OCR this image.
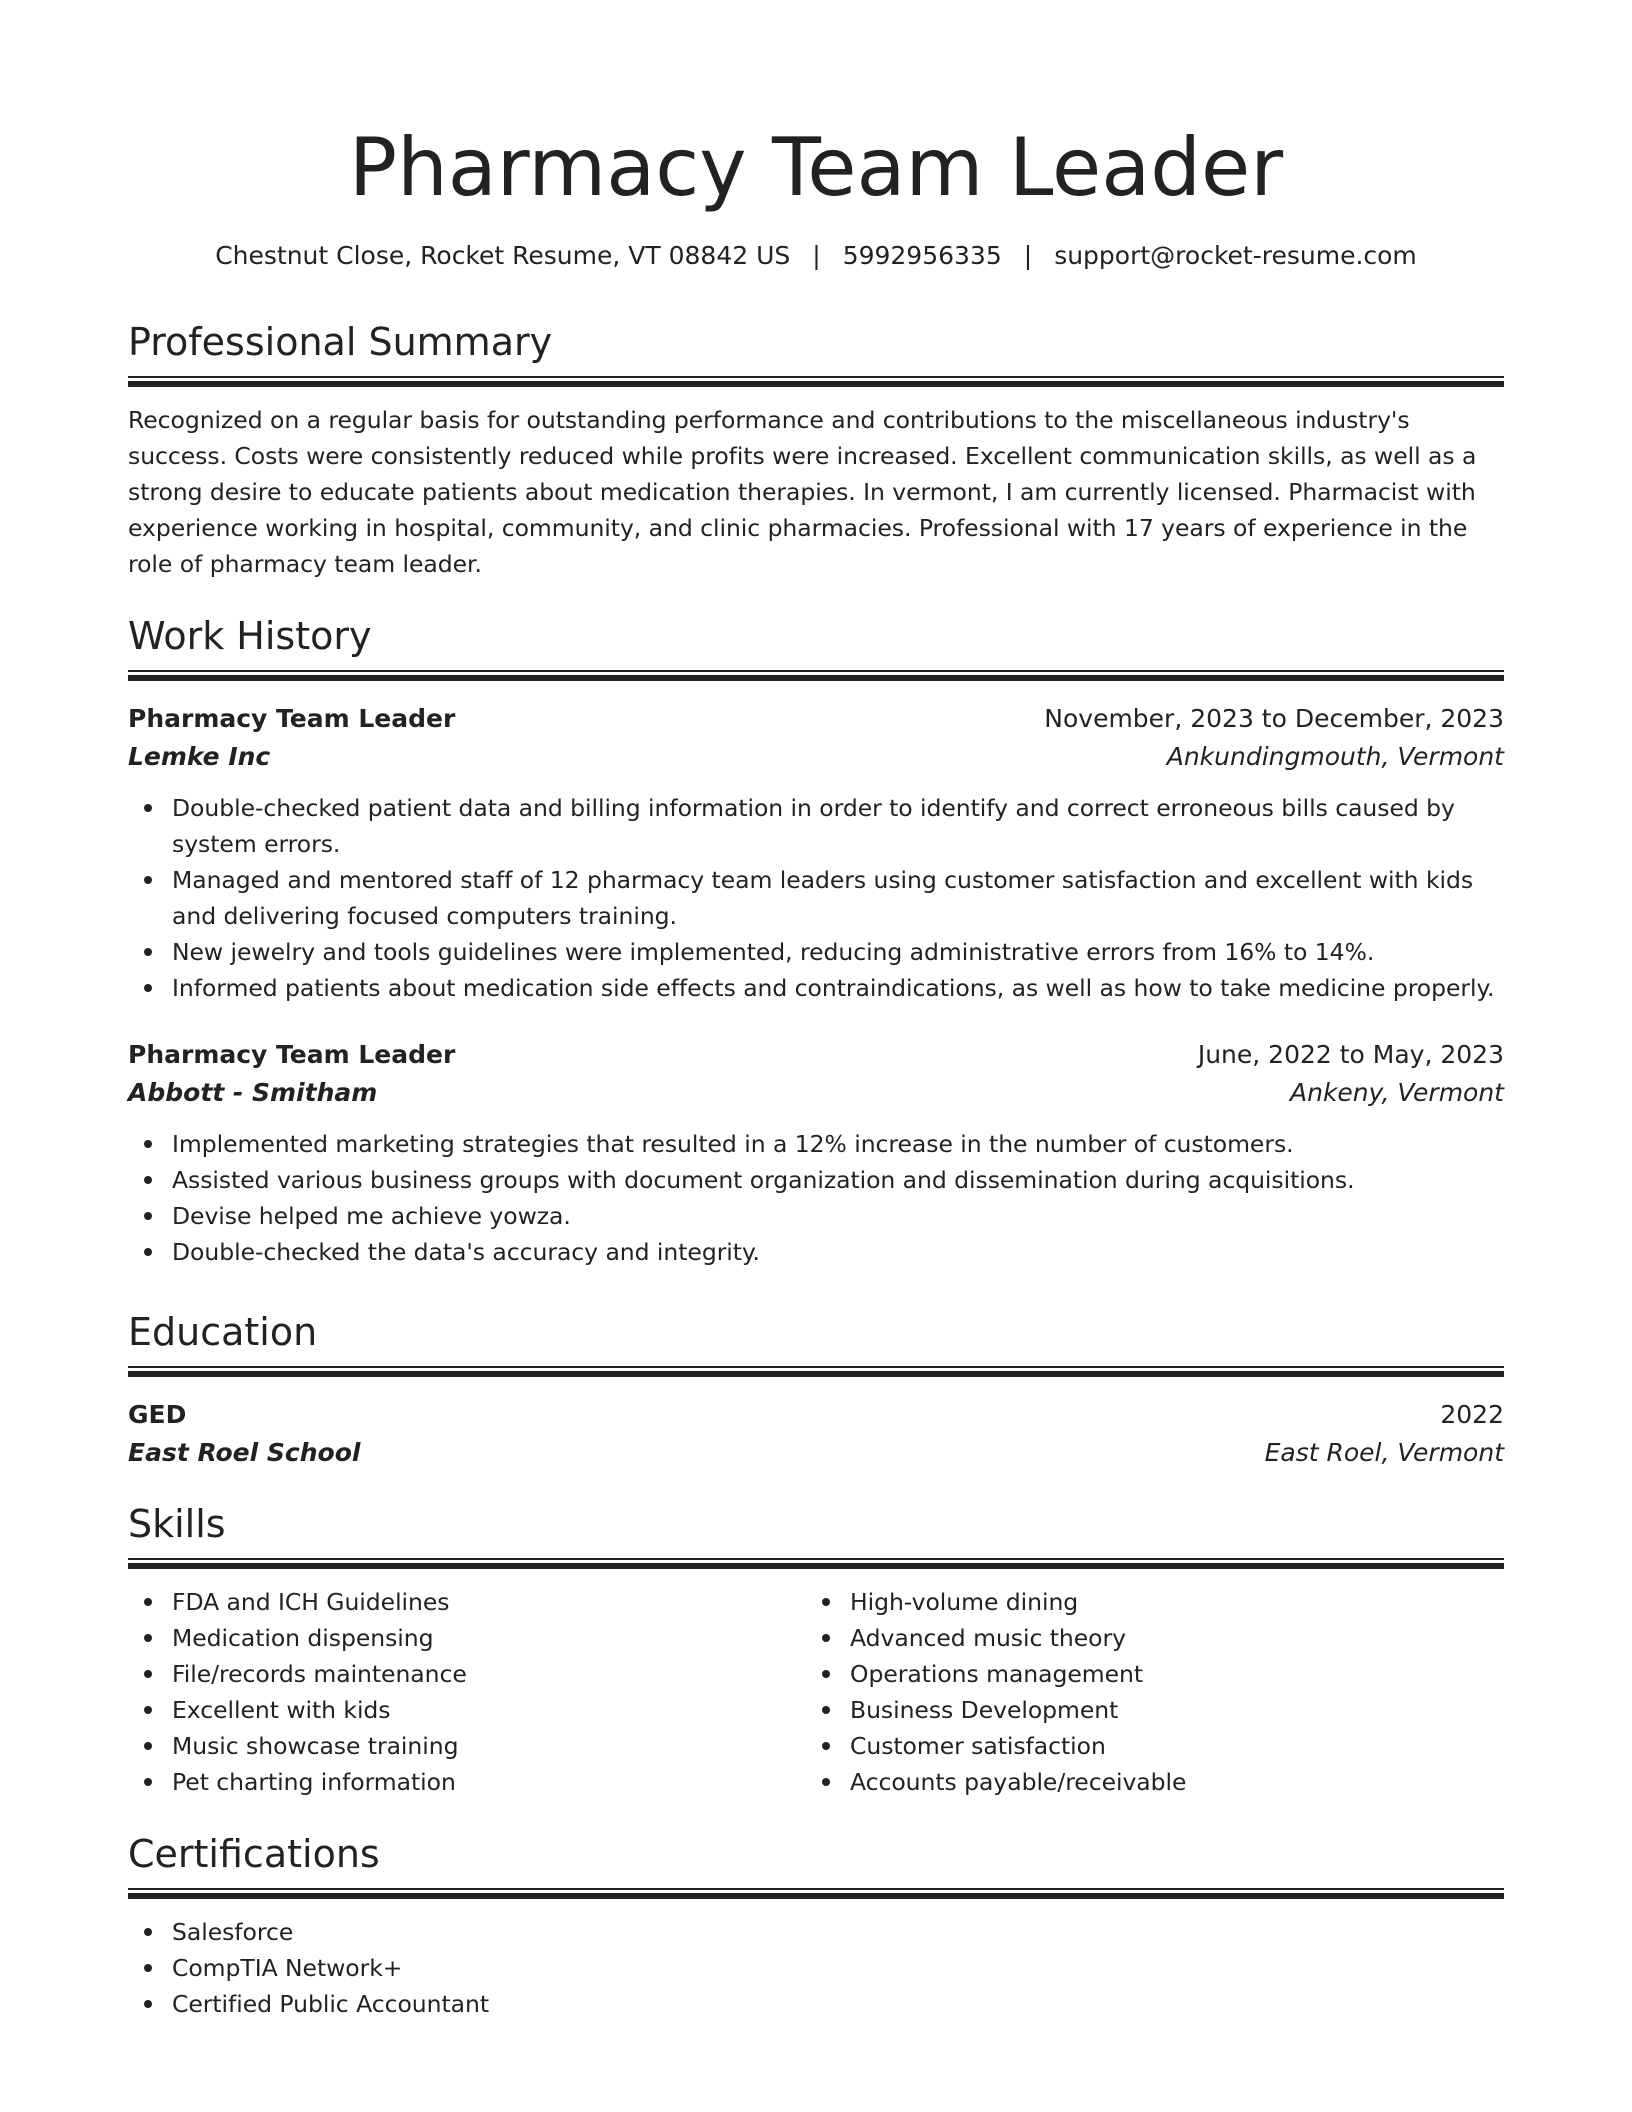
Pharmacy Team Leader
Chestnut Close, Rocket Resume, VT 08842 US | 5992956335 | support@rocket-resume.com
Professional Summary

Recognized on a regular basis for outstanding performance and contributions to the miscellaneous industry's success. Costs were consistently reduced while profits were increased. Excellent communication skills, as well as a strong desire to educate patients about medication therapies. In vermont, I am currently licensed. Pharmacist with experience working in hospital, community, and clinic pharmacies. Professional with 17 years of experience in the role of pharmacy team leader.

Work History
Pharmacy Team Leader	November, 2023 to December, 2023
Lemke Inc	Ankundingmouth, Vermont
Double-checked patient data and billing information in order to identify and correct erroneous bills caused by system errors.
Managed and mentored staff of 12 pharmacy team leaders using customer satisfaction and excellent with kids and delivering focused computers training.
New jewelry and tools guidelines were implemented, reducing administrative errors from 16% to 14%.
Informed patients about medication side effects and contraindications, as well as how to take medicine properly.
Pharmacy Team Leader	June, 2022 to May, 2023
Abbott - Smitham	Ankeny, Vermont
Implemented marketing strategies that resulted in a 12% increase in the number of customers.
Assisted various business groups with document organization and dissemination during acquisitions.
Devise helped me achieve yowza.
Double-checked the data's accuracy and integrity.
Education
GED	2022
East Roel School	East Roel, Vermont
Skills
FDA and ICH Guidelines
Medication dispensing
File/records maintenance
Excellent with kids
Music showcase training
Pet charting information
High-volume dining
Advanced music theory
Operations management
Business Development
Customer satisfaction
Accounts payable/receivable
Certifications
Salesforce
CompTIA Network+
Certified Public Accountant
